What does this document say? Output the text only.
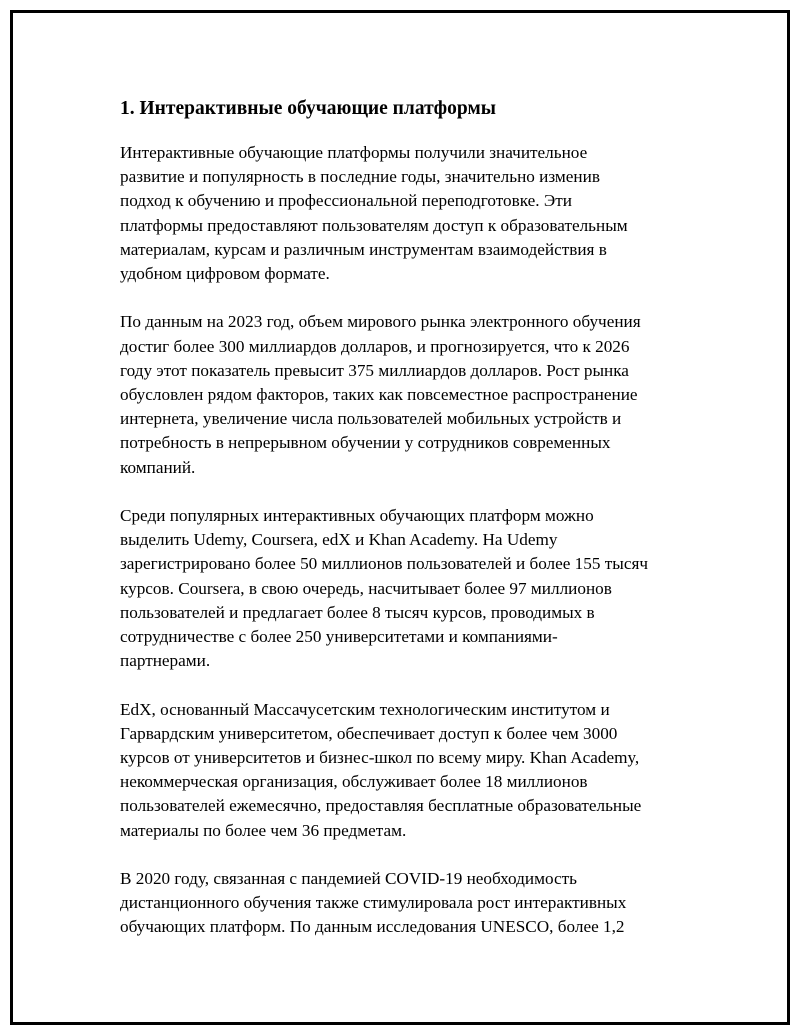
1. Интерактивные обучающие платформы

Интерактивные обучающие платформы получили значительное
развитие и популярность в последние годы, значительно изменив
подход к обучению и профессиональной переподготовке. Эти
платформы предоставляют пользователям доступ к образовательным
материалам, курсам и различным инструментам взаимодействия в
удобном цифровом формате.

По данным на 2023 год, объем мирового рынка электронного обучения
достиг более 300 миллиардов долларов, и прогнозируется, что к 2026
году этот показатель превысит 375 миллиардов долларов. Рост рынка
обусловлен рядом факторов, таких как повсеместное распространение
интернета, увеличение числа пользователей мобильных устройств и
потребность в непрерывном обучении у сотрудников современных
компаний.

Среди популярных интерактивных обучающих платформ можно
выделить Udemy, Coursera, edX и Khan Academy. На Udemy
зарегистрировано более 50 миллионов пользователей и более 155 тысяч
курсов. Coursera, в свою очередь, насчитывает более 97 миллионов
пользователей и предлагает более 8 тысяч курсов, проводимых в
сотрудничестве с более 250 университетами и компаниями-
партнерами.

EdX, основанный Массачусетским технологическим институтом и
Гарвардским университетом, обеспечивает доступ к более чем 3000
курсов от университетов и бизнес-школ по всему миру. Khan Academy,
некоммерческая организация, обслуживает более 18 миллионов
пользователей ежемесячно, предоставляя бесплатные образовательные
материалы по более чем 36 предметам.

В 2020 году, связанная с пандемией COVID-19 необходимость
дистанционного обучения также стимулировала рост интерактивных
обучающих платформ. По данным исследования UNESCO, более 1,2
